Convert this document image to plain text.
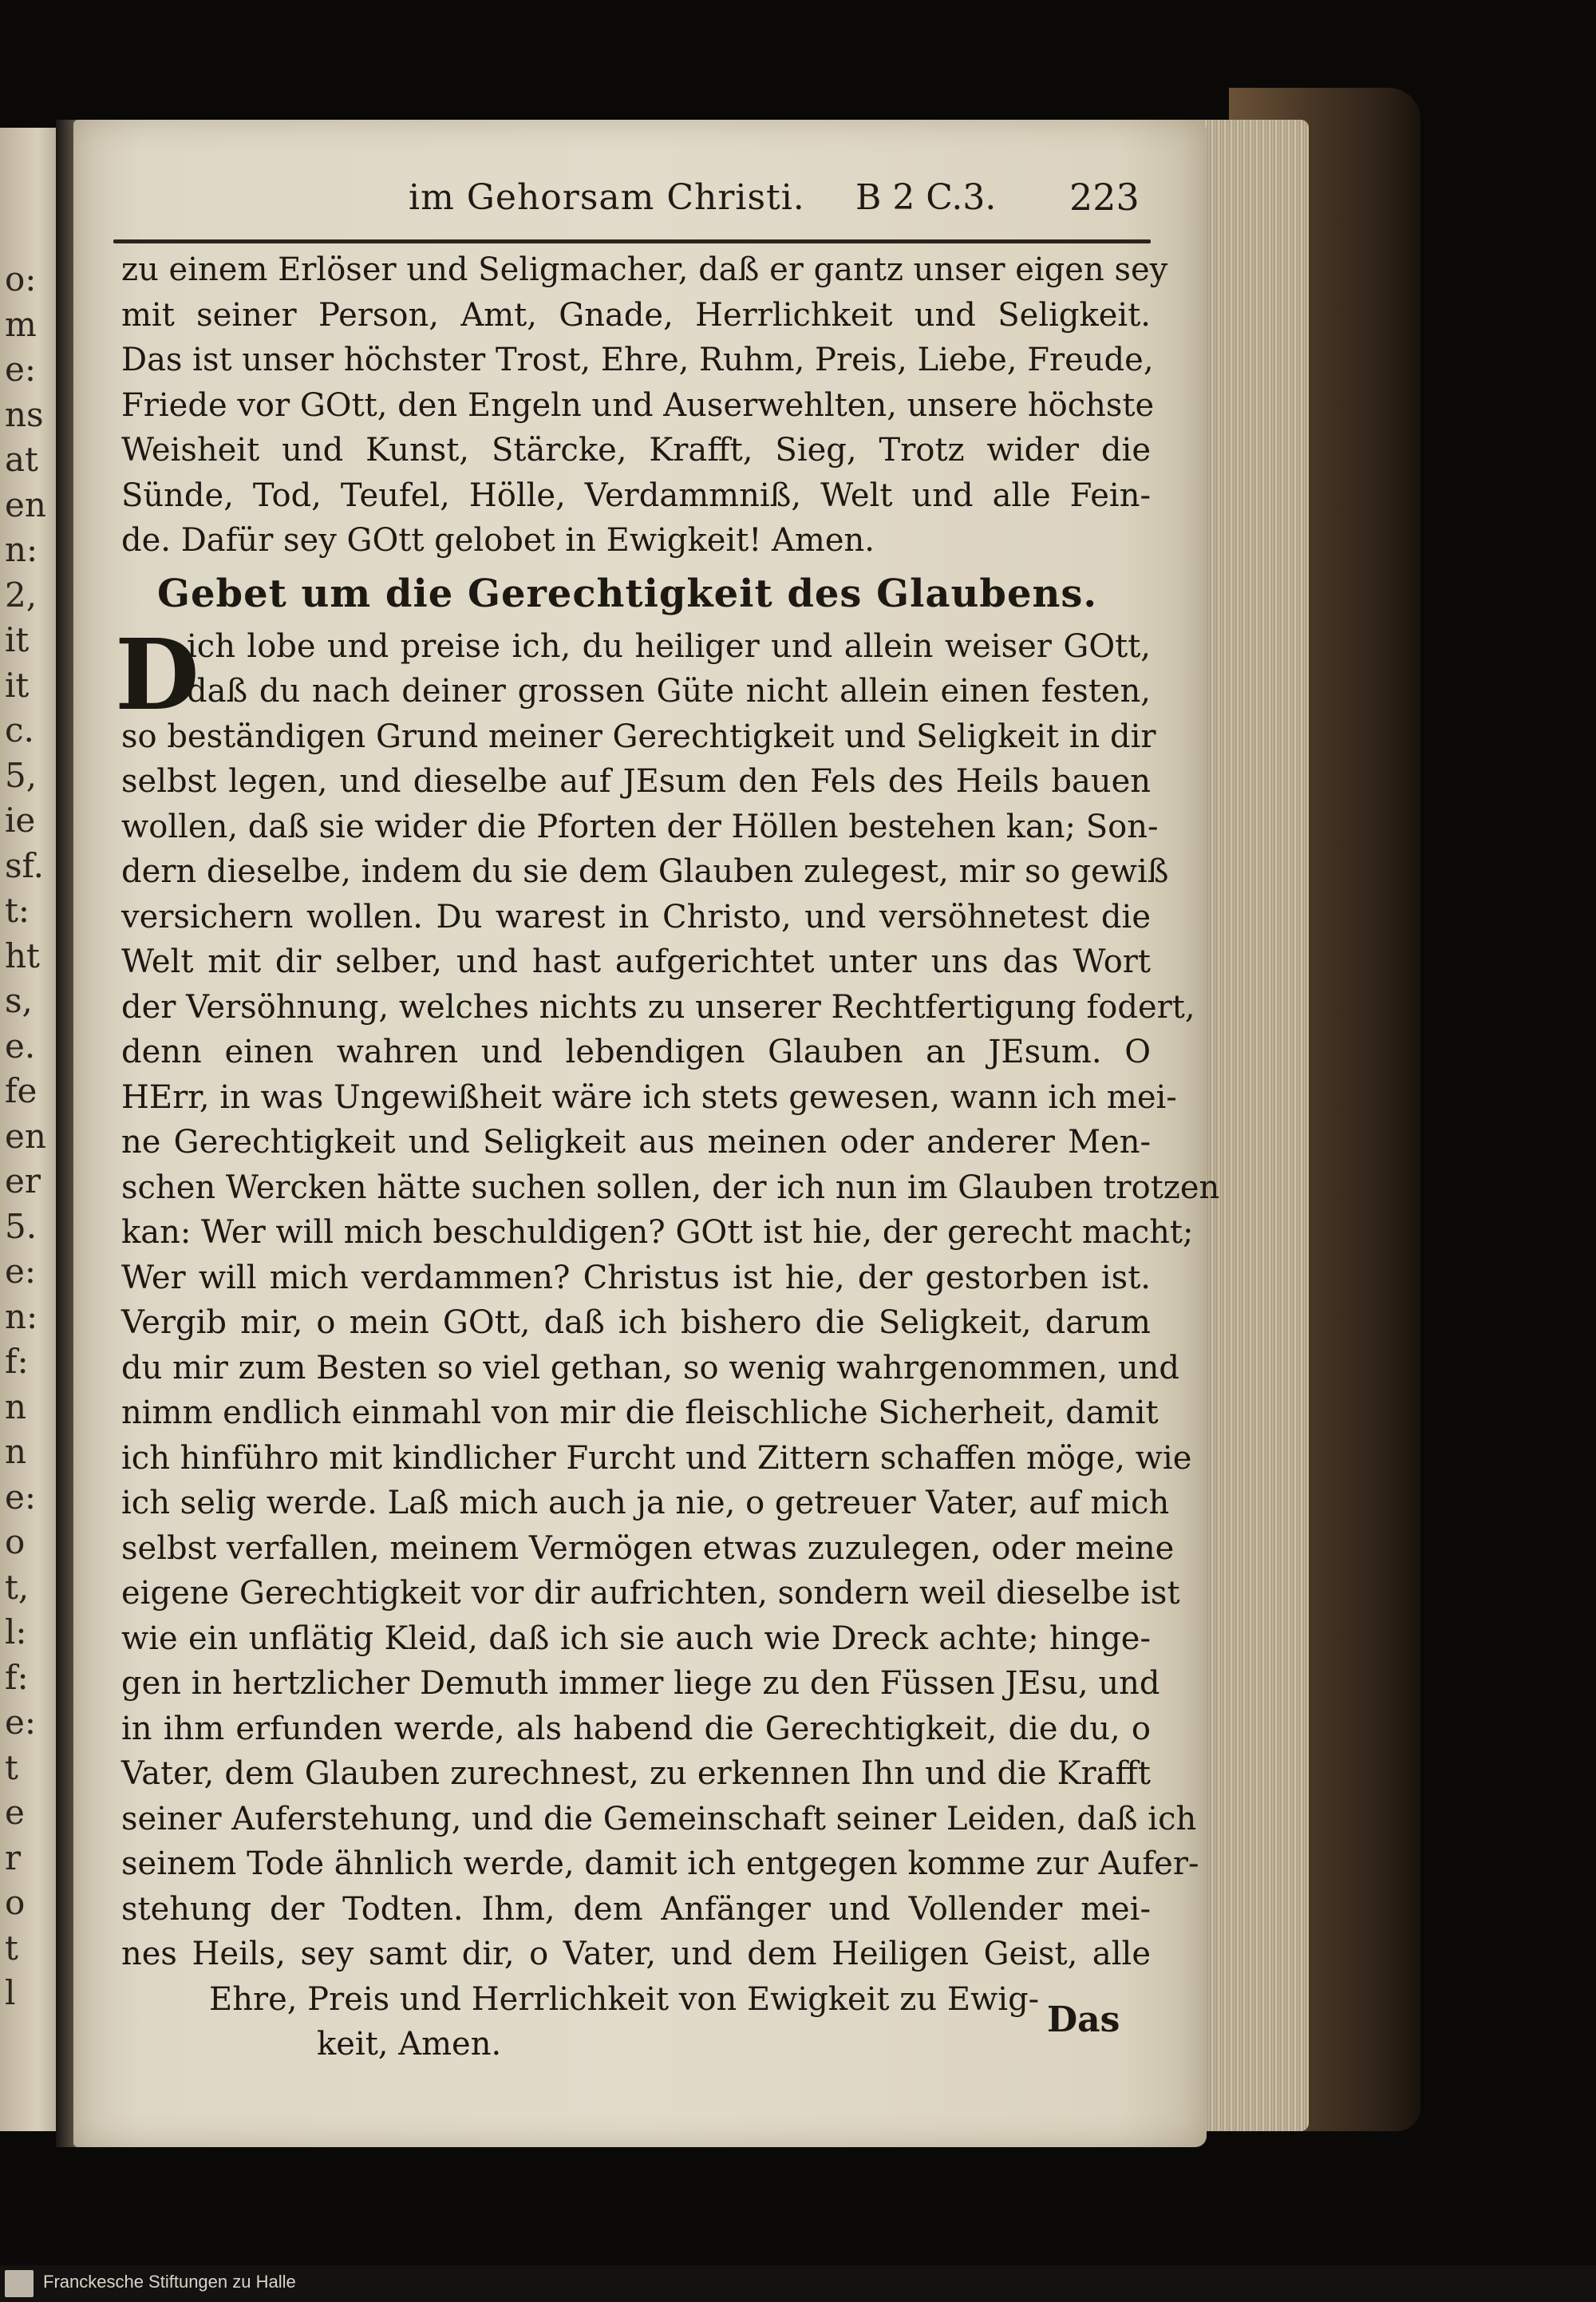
o:
m
e:
ns
at
en
n:
2,
it
it
c.
5,
ie
sf.
t:
ht
s,
e.
fe
en
er
5.
e:
n:
f:
n
n
e:
o
t,
l:
f:
e:
t
e
r
o
t
l
im Gehorsam Christi. B 2 C.3. 223
zu einem Erlöser und Seligmacher, daß er gantz unser eigen sey
mit seiner Person, Amt, Gnade, Herrlichkeit und Seligkeit.
Das ist unser höchster Trost, Ehre, Ruhm, Preis, Liebe, Freude,
Friede vor GOtt, den Engeln und Auserwehlten, unsere höchste
Weisheit und Kunst, Stärcke, Krafft, Sieg, Trotz wider die
Sünde, Tod, Teufel, Hölle, Verdammniß, Welt und alle Fein-
de. Dafür sey GOtt gelobet in Ewigkeit! Amen.
Gebet um die Gerechtigkeit des Glaubens.
D
ich lobe und preise ich, du heiliger und allein weiser GOtt,
daß du nach deiner grossen Güte nicht allein einen festen,
so beständigen Grund meiner Gerechtigkeit und Seligkeit in dir
selbst legen, und dieselbe auf JEsum den Fels des Heils bauen
wollen, daß sie wider die Pforten der Höllen bestehen kan; Son-
dern dieselbe, indem du sie dem Glauben zulegest, mir so gewiß
versichern wollen. Du warest in Christo, und versöhnetest die
Welt mit dir selber, und hast aufgerichtet unter uns das Wort
der Versöhnung, welches nichts zu unserer Rechtfertigung fodert,
denn einen wahren und lebendigen Glauben an JEsum. O
HErr, in was Ungewißheit wäre ich stets gewesen, wann ich mei-
ne Gerechtigkeit und Seligkeit aus meinen oder anderer Men-
schen Wercken hätte suchen sollen, der ich nun im Glauben trotzen
kan: Wer will mich beschuldigen? GOtt ist hie, der gerecht macht;
Wer will mich verdammen? Christus ist hie, der gestorben ist.
Vergib mir, o mein GOtt, daß ich bishero die Seligkeit, darum
du mir zum Besten so viel gethan, so wenig wahrgenommen, und
nimm endlich einmahl von mir die fleischliche Sicherheit, damit
ich hinführo mit kindlicher Furcht und Zittern schaffen möge, wie
ich selig werde. Laß mich auch ja nie, o getreuer Vater, auf mich
selbst verfallen, meinem Vermögen etwas zuzulegen, oder meine
eigene Gerechtigkeit vor dir aufrichten, sondern weil dieselbe ist
wie ein unflätig Kleid, daß ich sie auch wie Dreck achte; hinge-
gen in hertzlicher Demuth immer liege zu den Füssen JEsu, und
in ihm erfunden werde, als habend die Gerechtigkeit, die du, o
Vater, dem Glauben zurechnest, zu erkennen Ihn und die Krafft
seiner Auferstehung, und die Gemeinschaft seiner Leiden, daß ich
seinem Tode ähnlich werde, damit ich entgegen komme zur Aufer-
stehung der Todten. Ihm, dem Anfänger und Vollender mei-
nes Heils, sey samt dir, o Vater, und dem Heiligen Geist, alle
Ehre, Preis und Herrlichkeit von Ewigkeit zu Ewig-
keit, Amen.
Das
Franckesche Stiftungen zu Halle
